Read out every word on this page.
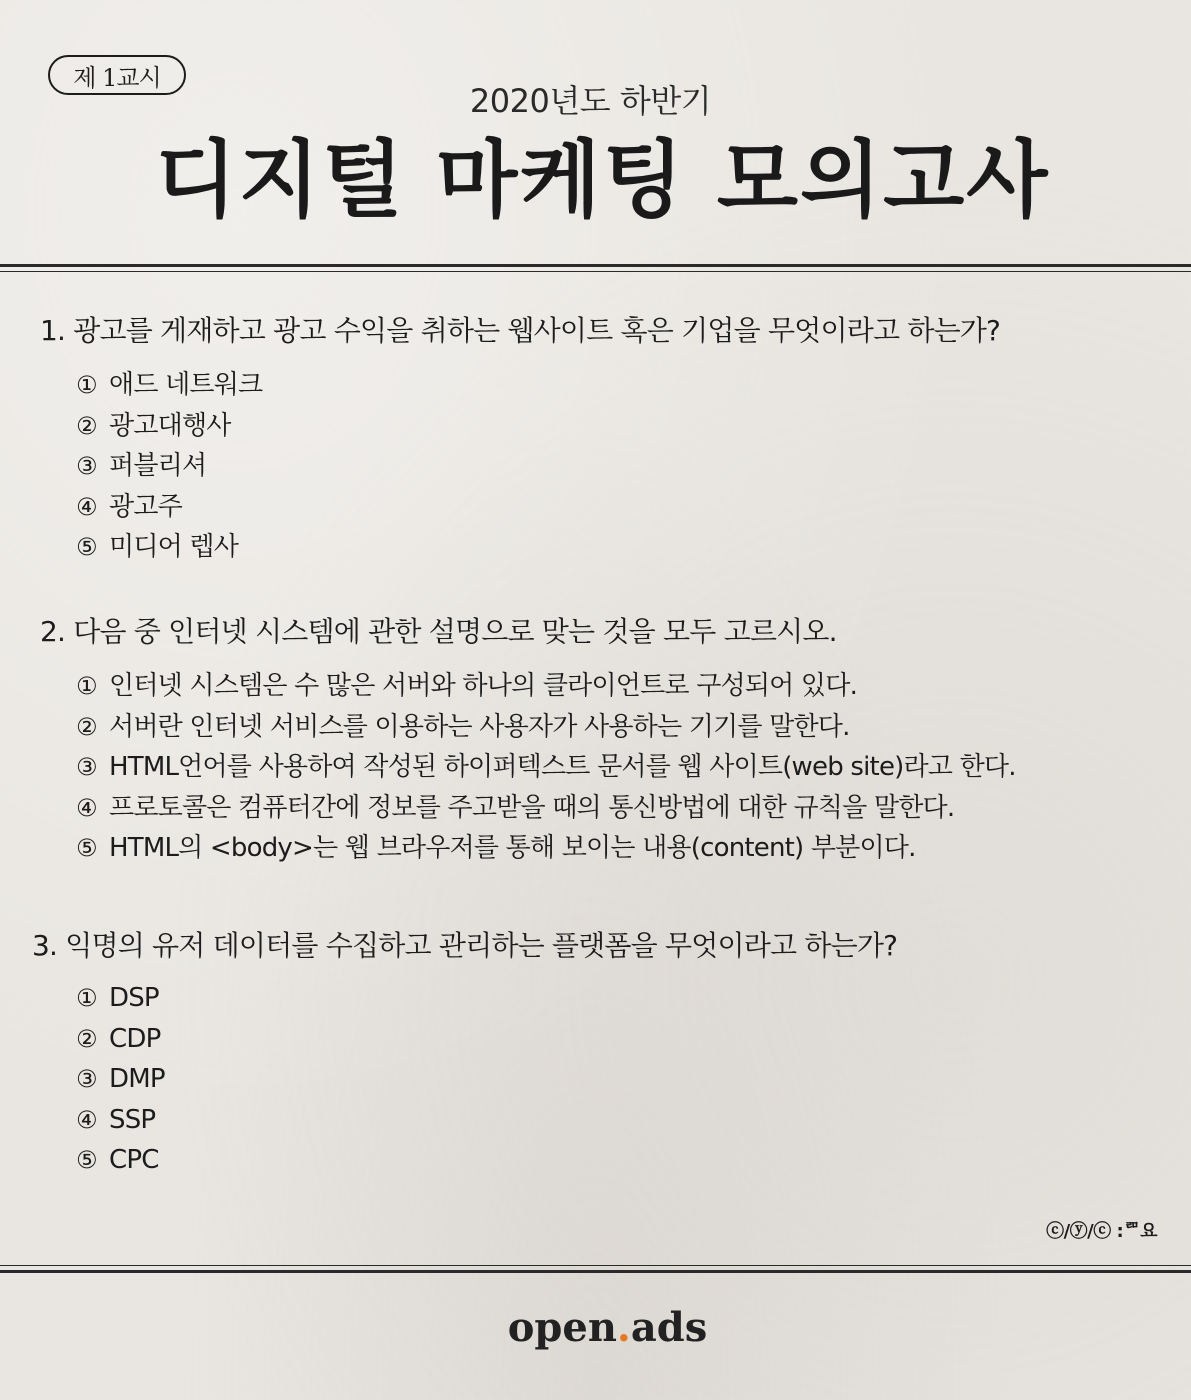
제 1교시
2020년도 하반기
디지털 마케팅 모의고사
1. 광고를 게재하고 광고 수익을 취하는 웹사이트 혹은 기업을 무엇이라고 하는가?
① 애드 네트워크
② 광고대행사
③ 퍼블리셔
④ 광고주
⑤ 미디어 렙사
2. 다음 중 인터넷 시스템에 관한 설명으로 맞는 것을 모두 고르시오.
① 인터넷 시스템은 수 많은 서버와 하나의 클라이언트로 구성되어 있다.
② 서버란 인터넷 서비스를 이용하는 사용자가 사용하는 기기를 말한다.
③ HTML언어를 사용하여 작성된 하이퍼텍스트 문서를 웹 사이트(web site)라고 한다.
④ 프로토콜은 컴퓨터간에 정보를 주고받을 때의 통신방법에 대한 규칙을 말한다.
⑤ HTML의 <body>는 웹 브라우저를 통해 보이는 내용(content) 부분이다.
3. 익명의 유저 데이터를 수집하고 관리하는 플랫폼을 무엇이라고 하는가?
① DSP
② CDP
③ DMP
④ SSP
⑤ CPC
ⓒ/ⓨ/ⓒ :ᄅᄆ요
open.ads
